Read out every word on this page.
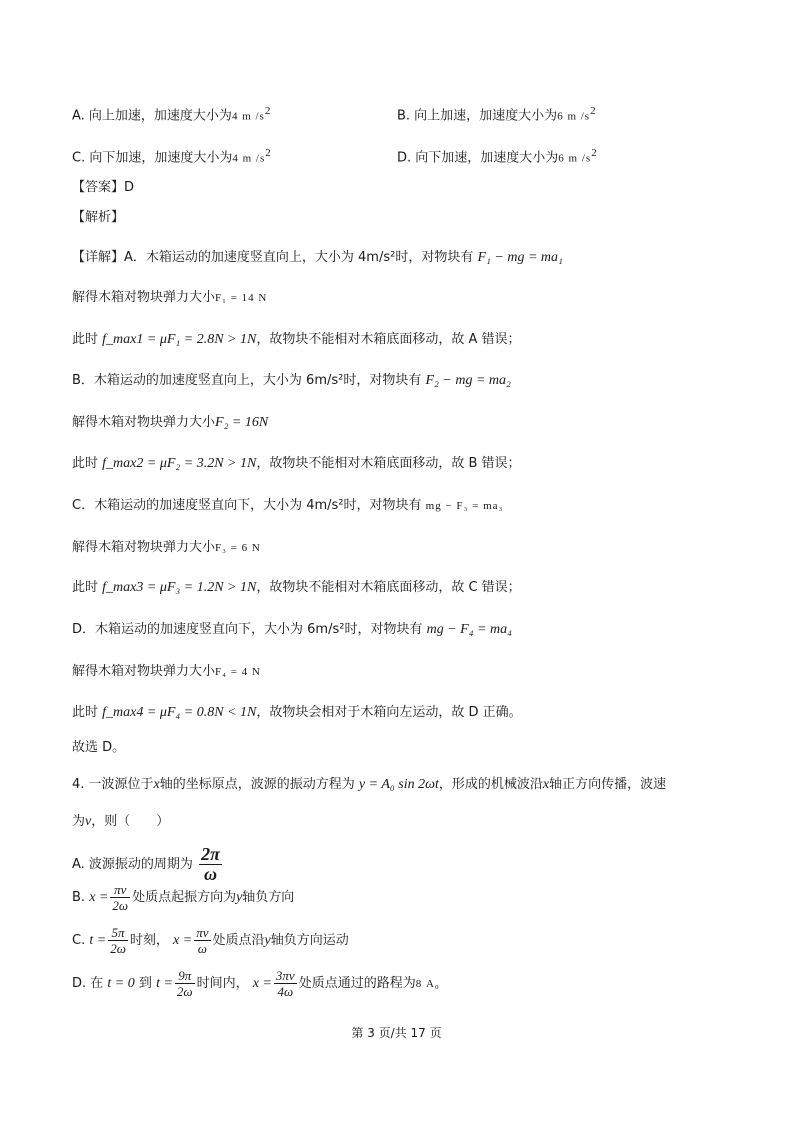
A. 向上加速，加速度大小为4 m $/s^2$	B. 向上加速，加速度大小为6 m $/s^2$
C. 向下加速，加速度大小为4 m $/s^2$	D. 向下加速，加速度大小为6 m $/s^2$
【答案】D
【解析】
【详解】A．木箱运动的加速度竖直向上，大小为 4m/s²时，对物块有 F₁ − mg = ma₁
解得木箱对物块弹力大小F₁ = 14 N
此时 f_max1 = μF₁ = 2.8N > 1N，故物块不能相对木箱底面移动，故 A 错误；
B．木箱运动的加速度竖直向上，大小为 6m/s²时，对物块有 F₂ − mg = ma₂
解得木箱对物块弹力大小F₂ = 16N
此时 f_max2 = μF₂ = 3.2N > 1N，故物块不能相对木箱底面移动，故 B 错误；
C．木箱运动的加速度竖直向下，大小为 4m/s²时，对物块有 mg − F₃ = ma₃
解得木箱对物块弹力大小F₃ = 6 N
此时 f_max3 = μF₃ = 1.2N > 1N，故物块不能相对木箱底面移动，故 C 错误；
D．木箱运动的加速度竖直向下，大小为 6m/s²时，对物块有 mg − F₄ = ma₄
解得木箱对物块弹力大小F₄ = 4 N
此时 f_max4 = μF₄ = 0.8N < 1N，故物块会相对于木箱向左运动，故 D 正确。
故选 D。
4. 一波源位于x轴的坐标原点，波源的振动方程为 y = A₀ sin 2ωt，形成的机械波沿x轴正方向传播，波速
为v，则（　　）
A. 波源振动的周期为 $\frac{2\pi}{\omega}$
B. $x = \frac{\pi v}{2\omega}$ 处质点起振方向为y轴负方向
C. $t = \frac{5\pi}{2\omega}$ 时刻， $x = \frac{\pi v}{\omega}$ 处质点沿y轴负方向运动
D. 在 t = 0 到 $t = \frac{9\pi}{2\omega}$ 时间内， $x = \frac{3\pi v}{4\omega}$ 处质点通过的路程为8 A₀
第 3 页/共 17 页
